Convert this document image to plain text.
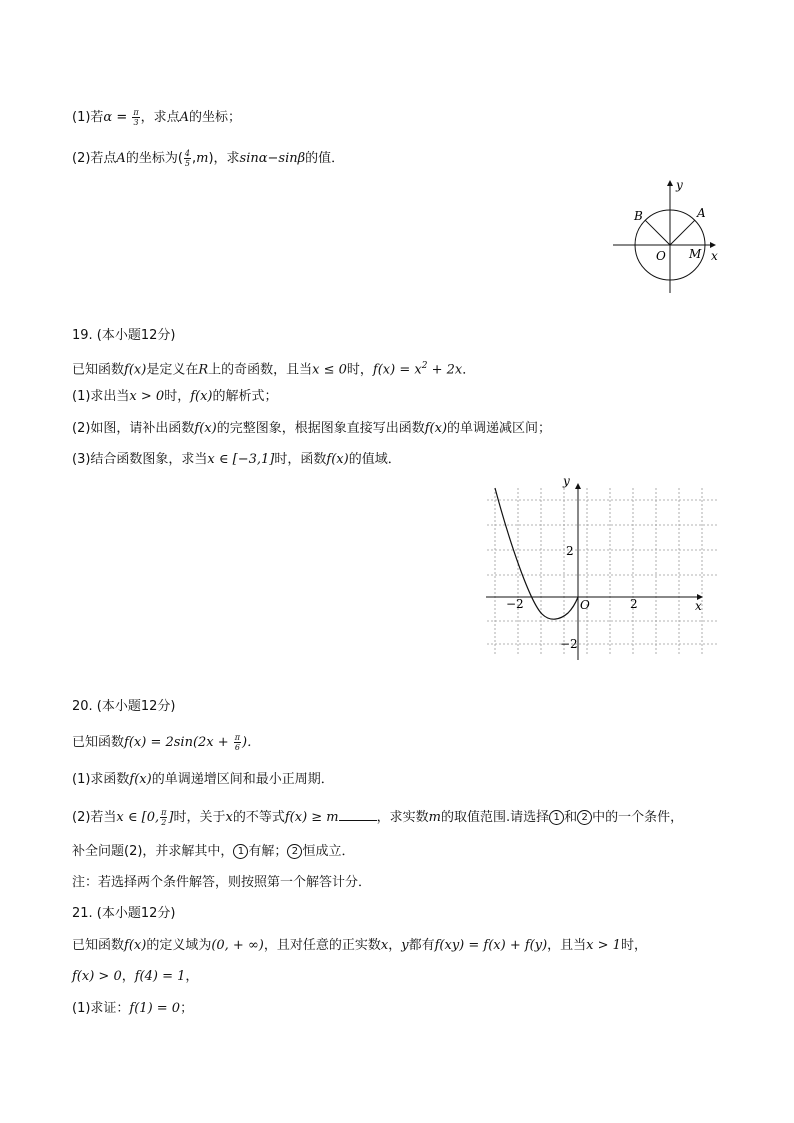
(1)若$\alpha = \frac{\pi}{3}$ ，求点A的坐标；
(2)若点A的坐标为( $\frac{4}{5} ,m$)，求sinα−sinβ的值．
y
x
O
A
B
M
19. (本小题12分)
已知函数f(x)是定义在R上的奇函数，且当x ≤ 0时，$f(x) = x^2 + 2x$．
(1)求出当x > 0时，f(x)的解析式；
(2)如图，请补出函数f(x)的完整图象，根据图象直接写出函数f(x)的单调递减区间；
(3)结合函数图象，求当x ∈ [−3,1]时，函数f(x)的值域．
y
x
O
2
−2
2
−2
20. (本小题12分)
已知函数$f(x) = 2\sin(2x + \frac{\pi}{6}$ )．
(1)求函数f(x)的单调递增区间和最小正周期．
(2)若当x ∈ [0, $\frac{\pi}{2}$ ]时，关于x的不等式f(x) ≥ m	，求实数m的取值范围.请选择 1 和 2 中的一个条件，
补全问题(2)，并求解其中， 1 有解； 2 恒成立．
注：若选择两个条件解答，则按照第一个解答计分．
21. (本小题12分)
已知函数f(x)的定义域为(0, + ∞)，且对任意的正实数x，y都有f(xy) = f(x) + f(y)，且当x > 1时，
f(x) > 0，f(4) = 1，
(1)求证：f(1) = 0；
